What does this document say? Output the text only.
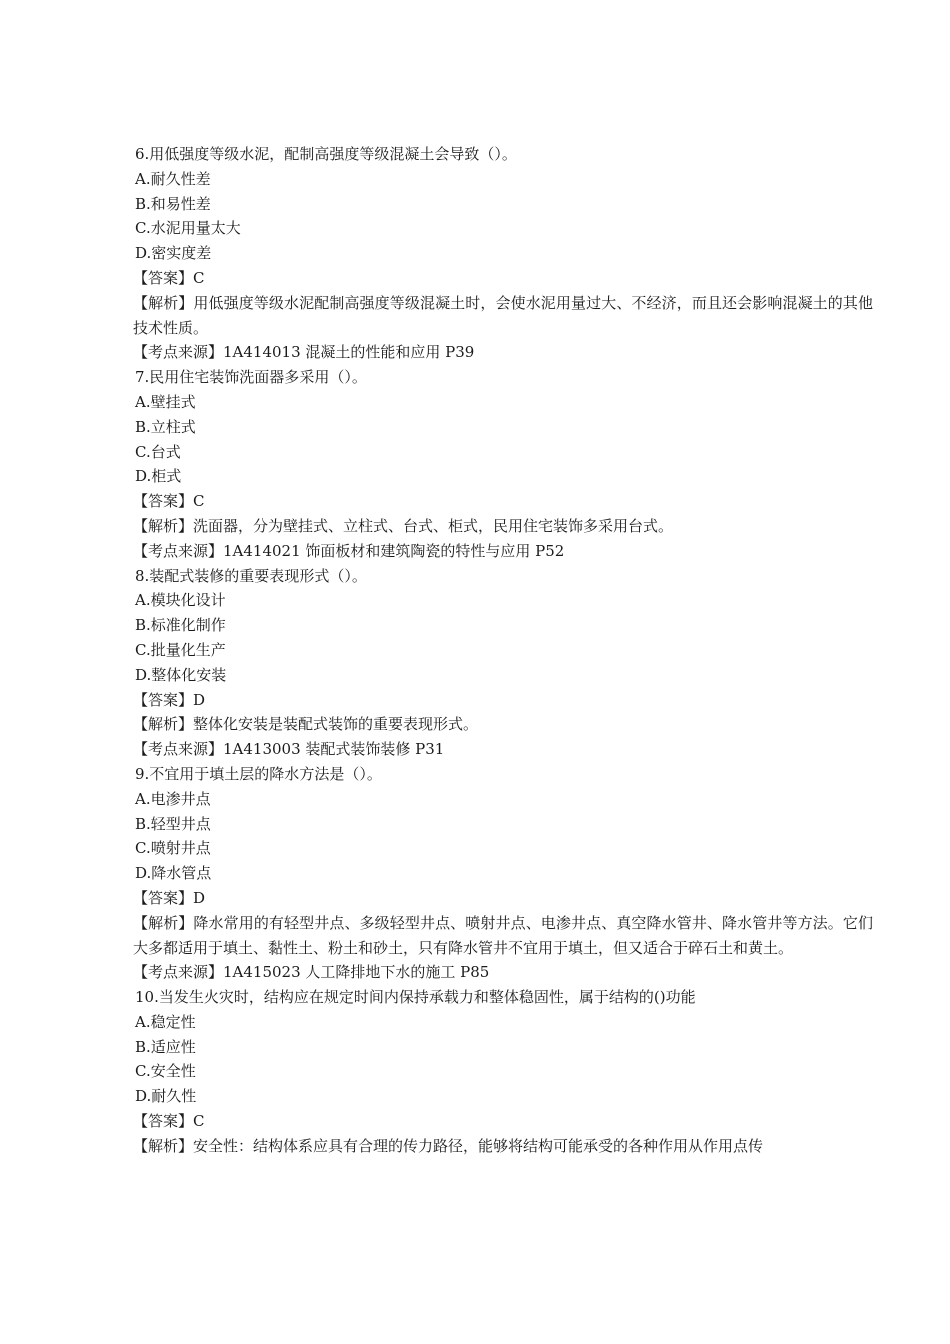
6.用低强度等级水泥，配制高强度等级混凝土会导致（）。
A.耐久性差
B.和易性差
C.水泥用量太大
D.密实度差
【答案】C
【解析】用低强度等级水泥配制高强度等级混凝土时，会使水泥用量过大、不经济，而且还会影响混凝土的其他技术性质。
【考点来源】1A414013 混凝土的性能和应用 P39
7.民用住宅装饰洗面器多采用（）。
A.壁挂式
B.立柱式
C.台式
D.柜式
【答案】C
【解析】洗面器，分为壁挂式、立柱式、台式、柜式，民用住宅装饰多采用台式。
【考点来源】1A414021 饰面板材和建筑陶瓷的特性与应用 P52
8.装配式装修的重要表现形式（）。
A.模块化设计
B.标准化制作
C.批量化生产
D.整体化安装
【答案】D
【解析】整体化安装是装配式装饰的重要表现形式。
【考点来源】1A413003 装配式装饰装修 P31
9.不宜用于填土层的降水方法是（）。
A.电渗井点
B.轻型井点
C.喷射井点
D.降水管点
【答案】D
【解析】降水常用的有轻型井点、多级轻型井点、喷射井点、电渗井点、真空降水管井、降水管井等方法。它们大多都适用于填土、黏性土、粉土和砂土，只有降水管井不宜用于填土，但又适合于碎石土和黄土。
【考点来源】1A415023 人工降排地下水的施工 P85
10.当发生火灾时，结构应在规定时间内保持承载力和整体稳固性，属于结构的()功能
A.稳定性
B.适应性
C.安全性
D.耐久性
【答案】C
【解析】安全性：结构体系应具有合理的传力路径，能够将结构可能承受的各种作用从作用点传
